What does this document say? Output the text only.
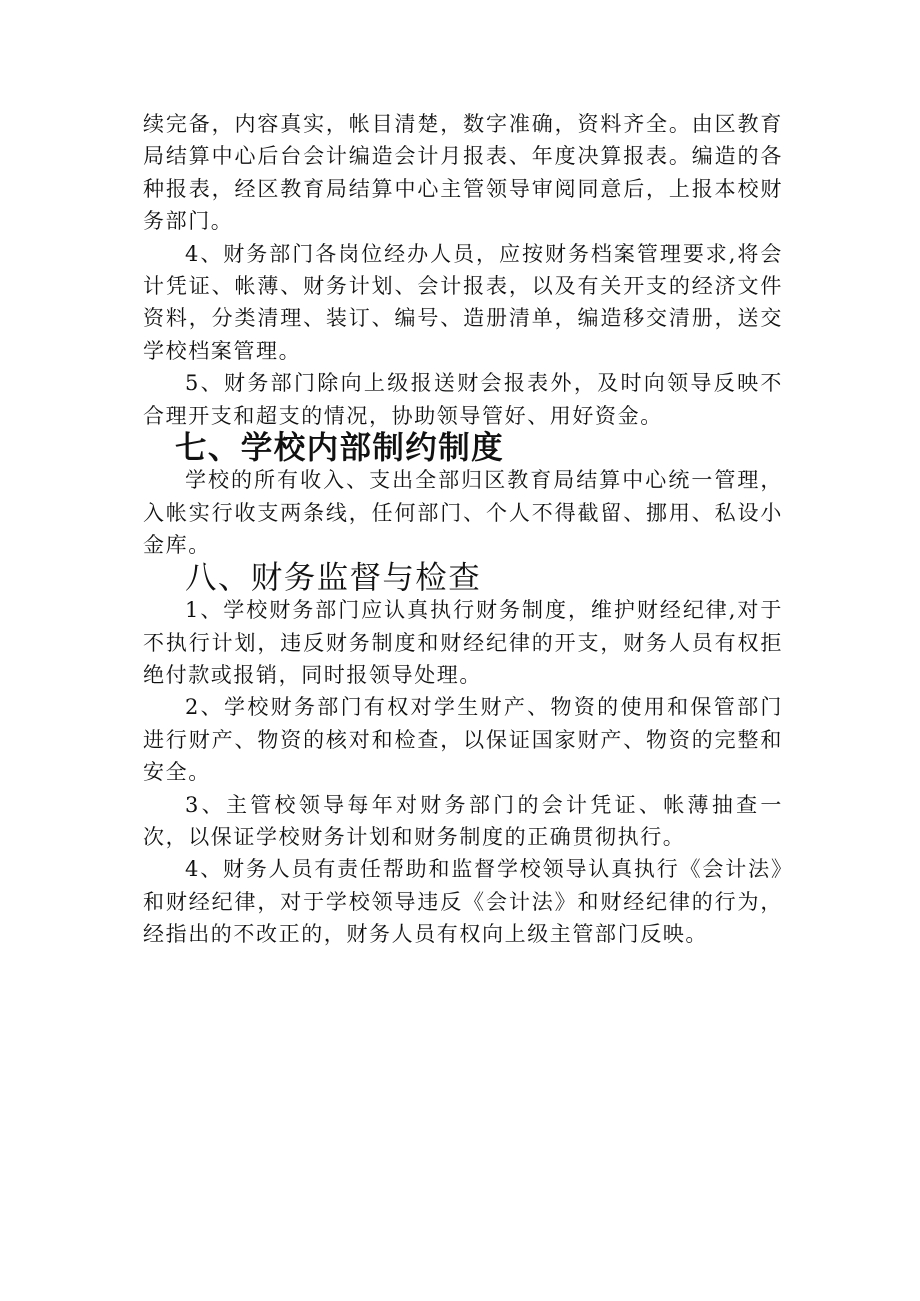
续完备，内容真实，帐目清楚，数字准确，资料齐全。由区教育局结算中心后台会计编造会计月报表、年度决算报表。编造的各种报表，经区教育局结算中心主管领导审阅同意后，上报本校财务部门。

4、财务部门各岗位经办人员，应按财务档案管理要求,将会计凭证、帐薄、财务计划、会计报表，以及有关开支的经济文件资料，分类清理、装订、编号、造册清单，编造移交清册，送交学校档案管理。

5、财务部门除向上级报送财会报表外，及时向领导反映不合理开支和超支的情况，协助领导管好、用好资金。

七、学校内部制约制度

学校的所有收入、支出全部归区教育局结算中心统一管理，入帐实行收支两条线，任何部门、个人不得截留、挪用、私设小金库。

八、财务监督与检查

1、学校财务部门应认真执行财务制度，维护财经纪律,对于不执行计划，违反财务制度和财经纪律的开支，财务人员有权拒绝付款或报销，同时报领导处理。

2、学校财务部门有权对学生财产、物资的使用和保管部门进行财产、物资的核对和检查，以保证国家财产、物资的完整和安全。

3、主管校领导每年对财务部门的会计凭证、帐薄抽查一次，以保证学校财务计划和财务制度的正确贯彻执行。

4、财务人员有责任帮助和监督学校领导认真执行《会计法》和财经纪律，对于学校领导违反《会计法》和财经纪律的行为，经指出的不改正的，财务人员有权向上级主管部门反映。
